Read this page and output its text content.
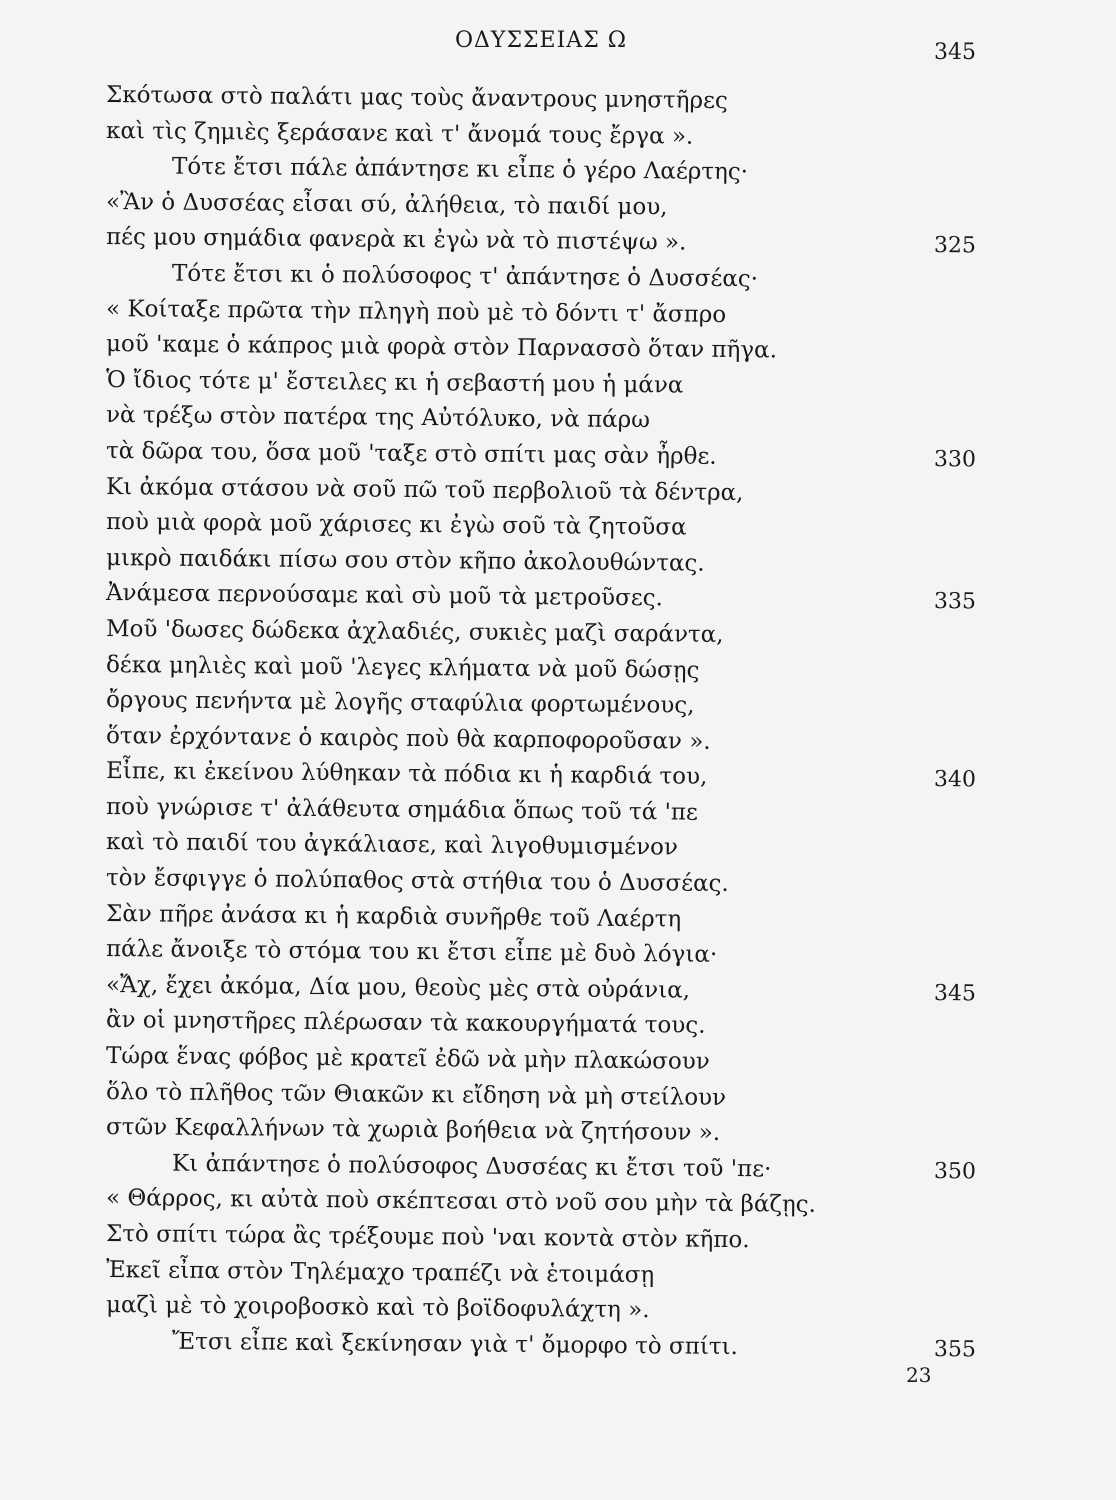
ΟΔΥΣΣΕΙΑΣ Ω	345
Σκότωσα στὸ παλάτι μας τοὺς ἄναντρους μνηστῆρες
καὶ τὶς ζημιὲς ξεράσανε καὶ τ' ἄνομά τους ἔργα ».
Τότε ἔτσι πάλε ἀπάντησε κι εἶπε ὁ γέρο Λαέρτης·
«Ἂν ὁ Δυσσέας εἶσαι σύ, ἀλήθεια, τὸ παιδί μου,
πές μου σημάδια φανερὰ κι ἐγὼ νὰ τὸ πιστέψω ».	325
Τότε ἔτσι κι ὁ πολύσοφος τ' ἀπάντησε ὁ Δυσσέας·
« Κοίταξε πρῶτα τὴν πληγὴ ποὺ μὲ τὸ δόντι τ' ἄσπρο
μοῦ 'καμε ὁ κάπρος μιὰ φορὰ στὸν Παρνασσὸ ὅταν πῆγα.
Ὁ ἴδιος τότε μ' ἔστειλες κι ἡ σεβαστή μου ἡ μάνα
νὰ τρέξω στὸν πατέρα της Αὐτόλυκο, νὰ πάρω
τὰ δῶρα του, ὅσα μοῦ 'ταξε στὸ σπίτι μας σὰν ἦρθε.	330
Κι ἀκόμα στάσου νὰ σοῦ πῶ τοῦ περβολιοῦ τὰ δέντρα,
ποὺ μιὰ φορὰ μοῦ χάρισες κι ἐγὼ σοῦ τὰ ζητοῦσα
μικρὸ παιδάκι πίσω σου στὸν κῆπο ἀκολουθώντας.
Ἀνάμεσα περνούσαμε καὶ σὺ μοῦ τὰ μετροῦσες.	335
Μοῦ 'δωσες δώδεκα ἀχλαδιές, συκιὲς μαζὶ σαράντα,
δέκα μηλιὲς καὶ μοῦ 'λεγες κλήματα νὰ μοῦ δώσῃς
ὄργους πενήντα μὲ λογῆς σταφύλια φορτωμένους,
ὅταν ἐρχόντανε ὁ καιρὸς ποὺ θὰ καρποφοροῦσαν ».
Εἶπε, κι ἐκείνου λύθηκαν τὰ πόδια κι ἡ καρδιά του,	340
ποὺ γνώρισε τ' ἀλάθευτα σημάδια ὅπως τοῦ τά 'πε
καὶ τὸ παιδί του ἀγκάλιασε, καὶ λιγοθυμισμένον
τὸν ἔσφιγγε ὁ πολύπαθος στὰ στήθια του ὁ Δυσσέας.
Σὰν πῆρε ἀνάσα κι ἡ καρδιὰ συνῆρθε τοῦ Λαέρτη
πάλε ἄνοιξε τὸ στόμα του κι ἔτσι εἶπε μὲ δυὸ λόγια·
«Ἄχ, ἔχει ἀκόμα, Δία μου, θεοὺς μὲς στὰ οὐράνια,	345
ἂν οἱ μνηστῆρες πλέρωσαν τὰ κακουργήματά τους.
Τώρα ἕνας φόβος μὲ κρατεῖ ἐδῶ νὰ μὴν πλακώσουν
ὅλο τὸ πλῆθος τῶν Θιακῶν κι εἴδηση νὰ μὴ στείλουν
στῶν Κεφαλλήνων τὰ χωριὰ βοήθεια νὰ ζητήσουν ».
Κι ἀπάντησε ὁ πολύσοφος Δυσσέας κι ἔτσι τοῦ 'πε·	350
« Θάρρος, κι αὐτὰ ποὺ σκέπτεσαι στὸ νοῦ σου μὴν τὰ βάζῃς.
Στὸ σπίτι τώρα ἂς τρέξουμε ποὺ 'ναι κοντὰ στὸν κῆπο.
Ἐκεῖ εἶπα στὸν Τηλέμαχο τραπέζι νὰ ἑτοιμάσῃ
μαζὶ μὲ τὸ χοιροβοσκὸ καὶ τὸ βοϊδοφυλάχτη ».
Ἔτσι εἶπε καὶ ξεκίνησαν γιὰ τ' ὄμορφο τὸ σπίτι.	355
23
